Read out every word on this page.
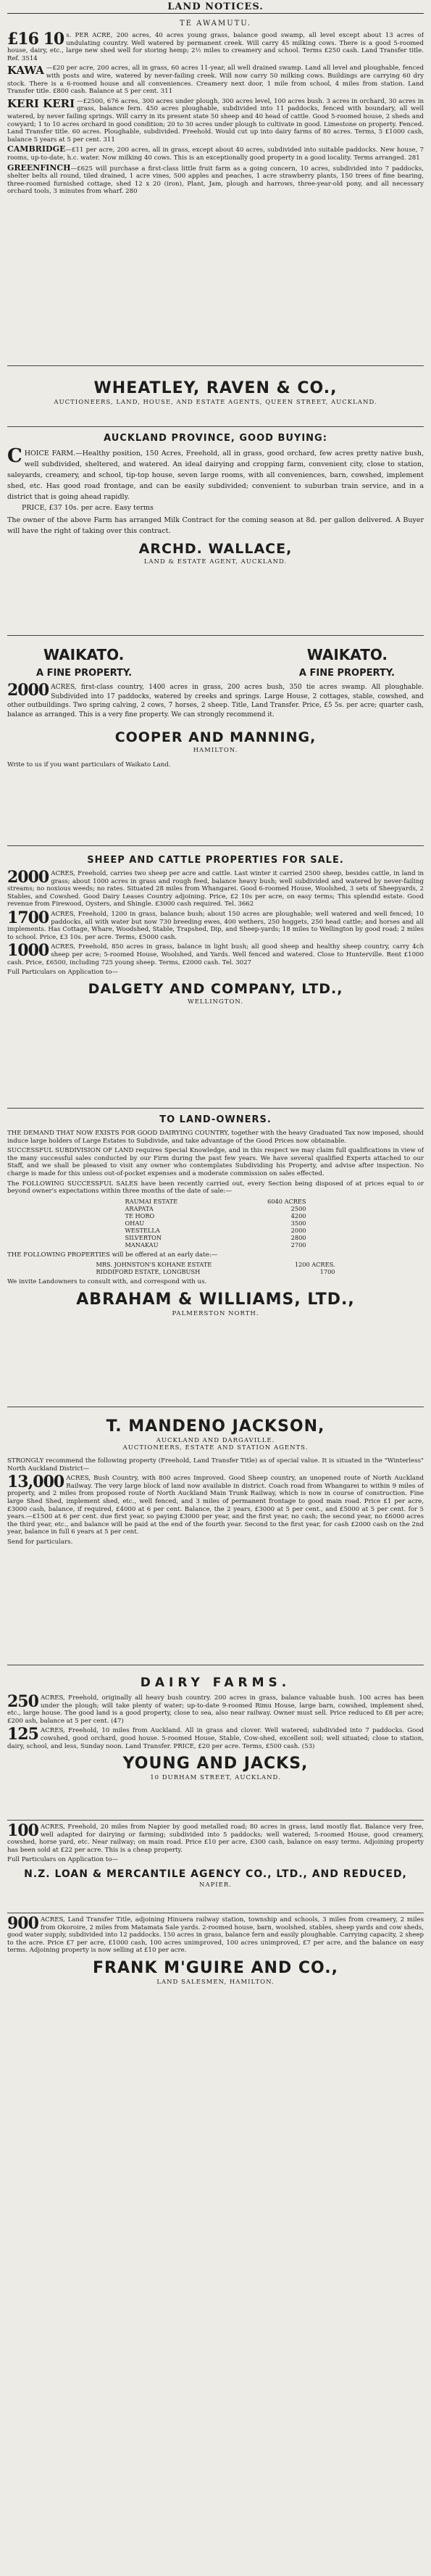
LAND NOTICES.
TE AWAMUTU.

£16 10 s. PER ACRE, 200 acres, 40 acres young grass, balance good swamp, all level except about 13 acres of undulating country. Well watered by permanent creek. Will carry 45 milking cows. There is a good 5-roomed house, dairy, etc., large new shed well for storing hemp; 2½ miles to creamery and school. Terms £250 cash. Land Transfer title. Ref. 3514

KAWA —£20 per acre, 200 acres, all in grass, 60 acres 11-year, all well drained swamp. Land all level and ploughable, fenced with posts and wire, watered by never-failing creek. Will now carry 50 milking cows. Buildings are carrying 60 dry stock. There is a 6-roomed house and all conveniences. Creamery next door, 1 mile from school, 4 miles from station. Land Transfer title. £800 cash. Balance at 5 per cent. 311

KERI KERI —£2500, 676 acres, 300 acres under plough, 300 acres level, 100 acres bush. 3 acres in orchard, 30 acres in grass, balance fern. 450 acres ploughable, subdivided into 11 paddocks, fenced with boundary, all well watered, by never failing springs. Will carry in its present state 50 sheep and 40 head of cattle. Good 5-roomed house, 2 sheds and cowyard; 1 to 10 acres orchard in good condition; 20 to 30 acres under plough to cultivate in good. Limestone on property. Fenced. Land Transfer title. 60 acres. Ploughable, subdivided. Freehold. Would cut up into dairy farms of 80 acres. Terms, 5 £1000 cash, balance 5 years at 5 per cent. 311

CAMBRIDGE—£11 per acre, 200 acres, all in grass, except about 40 acres, subdivided into suitable paddocks. New house, 7 rooms, up-to-date, h.c. water. Now milking 40 cows. This is an exceptionally good property in a good locality. Terms arranged. 281

GREENFINCH—£625 will purchase a first-class little fruit farm as a going concern, 10 acres, subdivided into 7 paddocks, shelter belts all round, tiled drained, 1 acre vines, 500 apples and peaches, 1 acre strawberry plants, 150 trees of fine bearing, three-roomed furnished cottage, shed 12 x 20 (iron), Plant, Jam, plough and harrows, three-year-old pony, and all necessary orchard tools, 3 minutes from wharf. 280

WHEATLEY, RAVEN & CO.,
AUCTIONEERS, LAND, HOUSE, AND ESTATE AGENTS, QUEEN STREET, AUCKLAND.
AUCKLAND PROVINCE, GOOD BUYING:

CHOICE FARM.—Healthy position, 150 Acres, Freehold, all in grass, good orchard, few acres pretty native bush, well subdivided, sheltered, and watered. An ideal dairying and cropping farm, convenient city, close to station, saleyards, creamery, and school, tip-top house, seven large rooms, with all conveniences, barn, cowshed, implement shed, etc. Has good road frontage, and can be easily subdivided; convenient to suburban train service, and in a district that is going ahead rapidly.

PRICE, £37 10s. per acre. Easy terms

The owner of the above Farm has arranged Milk Contract for the coming season at 8d. per gallon delivered. A Buyer will have the right of taking over this contract.

ARCHD. WALLACE,
LAND & ESTATE AGENT, AUCKLAND.
WAIKATO.	WAIKATO.
A FINE PROPERTY.	A FINE PROPERTY.

2000 ACRES, first-class country, 1400 acres in grass, 200 acres bush, 350 tie acres swamp. All ploughable. Subdivided into 17 paddocks, watered by creeks and springs. Large House, 2 cottages, stable, cowshed, and other outbuildings. Two spring calving, 2 cows, 7 horses, 2 sheep. Title, Land Transfer. Price, £5 5s. per acre; quarter cash, balance as arranged. This is a very fine property. We can strongly recommend it.

COOPER AND MANNING,
HAMILTON.

Write to us if you want particulars of Waikato Land.

SHEEP AND CATTLE PROPERTIES FOR SALE.

2000 ACRES, Freehold, carries two sheep per acre and cattle. Last winter it carried 2500 sheep, besides cattle, in land in grass; about 1000 acres in grass and rough feed, balance heavy bush; well subdivided and watered by never-failing streams; no noxious weeds; no rates. Situated 28 miles from Whangarei. Good 6-roomed House, Woolshed, 3 sets of Sheepyards, 2 Stables, and Cowshed. Good Dairy Leases Country adjoining. Price, £2 10s per acre, on easy terms; This splendid estate. Good revenue from Firewood, Oysters, and Shingle. £3000 cash required. Tel. 3662

1700 ACRES, Freehold, 1200 in grass, balance bush; about 150 acres are ploughable; well watered and well fenced; 10 paddocks, all with water but now 730 breeding ewes, 400 wethers, 250 hoggets, 250 head cattle; and horses and all implements. Has Cottage, Whare, Woodshed, Stable, Trapshed, Dip, and Sheep-yards; 18 miles to Wellington by good road; 2 miles to school. Price, £3 10s. per acre. Terms, £5000 cash.

1000 ACRES, Freehold, 850 acres in grass, balance in light bush; all good sheep and healthy sheep country, carry 4ch sheep per acre; 5-roomed House, Woolshed, and Yards. Well fenced and watered. Close to Hunterville. Rent £1000 cash. Price, £6500, including 725 young sheep. Terms, £2000 cash. Tel. 3027

Full Particulars on Application to—

DALGETY AND COMPANY, LTD.,
WELLINGTON.
TO LAND-OWNERS.

THE DEMAND THAT NOW EXISTS FOR GOOD DAIRYING COUNTRY, together with the heavy Graduated Tax now imposed, should induce large holders of Large Estates to Subdivide, and take advantage of the Good Prices now obtainable.

SUCCESSFUL SUBDIVISION OF LAND requires Special Knowledge, and in this respect we may claim full qualifications in view of the many successful sales conducted by our Firm during the past few years. We have several qualified Experts attached to our Staff, and we shall be pleased to visit any owner who contemplates Subdividing his Property, and advise after inspection. No charge is made for this unless out-of-pocket expenses and a moderate commission on sales effected.

The FOLLOWING SUCCESSFUL SALES have been recently carried out, every Section being disposed of at prices equal to or beyond owner's expectations within three months of the date of sale:—

RAUMAI ESTATE	6040 ACRES
ARAPATA	2500
TE HORO	4200
OHAU	3500
WESTELLA	2000
SILVERTON	2800
MANAKAU	2700

THE FOLLOWING PROPERTIES will be offered at an early date:—

MRS. JOHNSTON'S KOHANE ESTATE	1200 ACRES.
RIDDIFORD ESTATE, LONGBUSH	1700

We invite Landowners to consult with, and correspond with us.

ABRAHAM & WILLIAMS, LTD.,
PALMERSTON NORTH.
T. MANDENO JACKSON,
AUCKLAND AND DARGAVILLE.
AUCTIONEERS, ESTATE AND STATION AGENTS.

STRONGLY recommend the following property (Freehold, Land Transfer Title) as of special value. It is situated in the "Winterless" North Auckland District—

13,000 ACRES, Bush Country, with 800 acres Improved. Good Sheep country, an unopened route of North Auckland Railway. The very large block of land now available in district. Coach road from Whangarei to within 9 miles of property, and 2 miles from proposed route of North Auckland Main Trunk Railway, which is now in course of construction. Fine large Shed Shed, implement shed, etc., well fenced, and 3 miles of permanent frontage to good main road. Price £1 per acre, £3000 cash, balance, if required, £4000 at 6 per cent. Balance, the 2 years, £3000 at 5 per cent., and £5000 at 5 per cent. for 5 years.—£1500 at 6 per cent. due first year, so paying £3000 per year, and the first year, no cash; the second year, no £6000 acres the third year, etc., and balance will be paid at the end of the fourth year. Second to the first year, for cash £2000 cash on the 2nd year, balance in full 6 years at 5 per cent.

Send for particulars.

DAIRY FARMS.

250 ACRES, Freehold, originally all heavy bush country. 200 acres in grass, balance valuable bush. 100 acres has been under the plough; will take plenty of water; up-to-date 9-roomed Rimu House, large barn, cowshed, implement shed, etc., large house. The good land is a good property, close to sea, also near railway. Owner must sell. Price reduced to £8 per acre; £200 ash, balance at 5 per cent. (47)

125 ACRES, Freehold, 10 miles from Auckland. All in grass and clover. Well watered; subdivided into 7 paddocks. Good cowshed, good orchard, good house. 5-roomed House, Stable, Cow-shed, excellent soil; well situated; close to station, dairy, school, and less, Sunday noon. Land Transfer. PRICE, £20 per acre. Terms, £500 cash. (53)

YOUNG AND JACKS,
10 DURHAM STREET, AUCKLAND.

100 ACRES, Freehold, 20 miles from Napier by good metalled road; 80 acres in grass, land mostly flat. Balance very free, well adapted for dairying or farming; subdivided into 5 paddocks; well watered; 5-roomed House, good creamery, cowshed, horse yard, etc. Near railway; on main road. Price £10 per acre, £300 cash, balance on easy terms. Adjoining property has been sold at £22 per acre. This is a cheap property.

Full Particulars on Application to—

N.Z. LOAN & MERCANTILE AGENCY CO., LTD., AND REDUCED,
NAPIER.

900 ACRES, Land Transfer Title, adjoining Hinuera railway station, township and schools, 3 miles from creamery, 2 miles from Okoroire, 2 miles from Matamata Sale yards. 2-roomed house, barn, woolshed, stables, sheep yards and cow sheds, good water supply, subdivided into 12 paddocks. 150 acres in grass, balance fern and easily ploughable. Carrying capacity, 2 sheep to the acre. Price £7 per acre, £1000 cash, 100 acres unimproved, 100 acres unimproved, £7 per acre, and the balance on easy terms. Adjoining property is now selling at £10 per acre.

FRANK M'GUIRE AND CO.,
LAND SALESMEN, HAMILTON.
